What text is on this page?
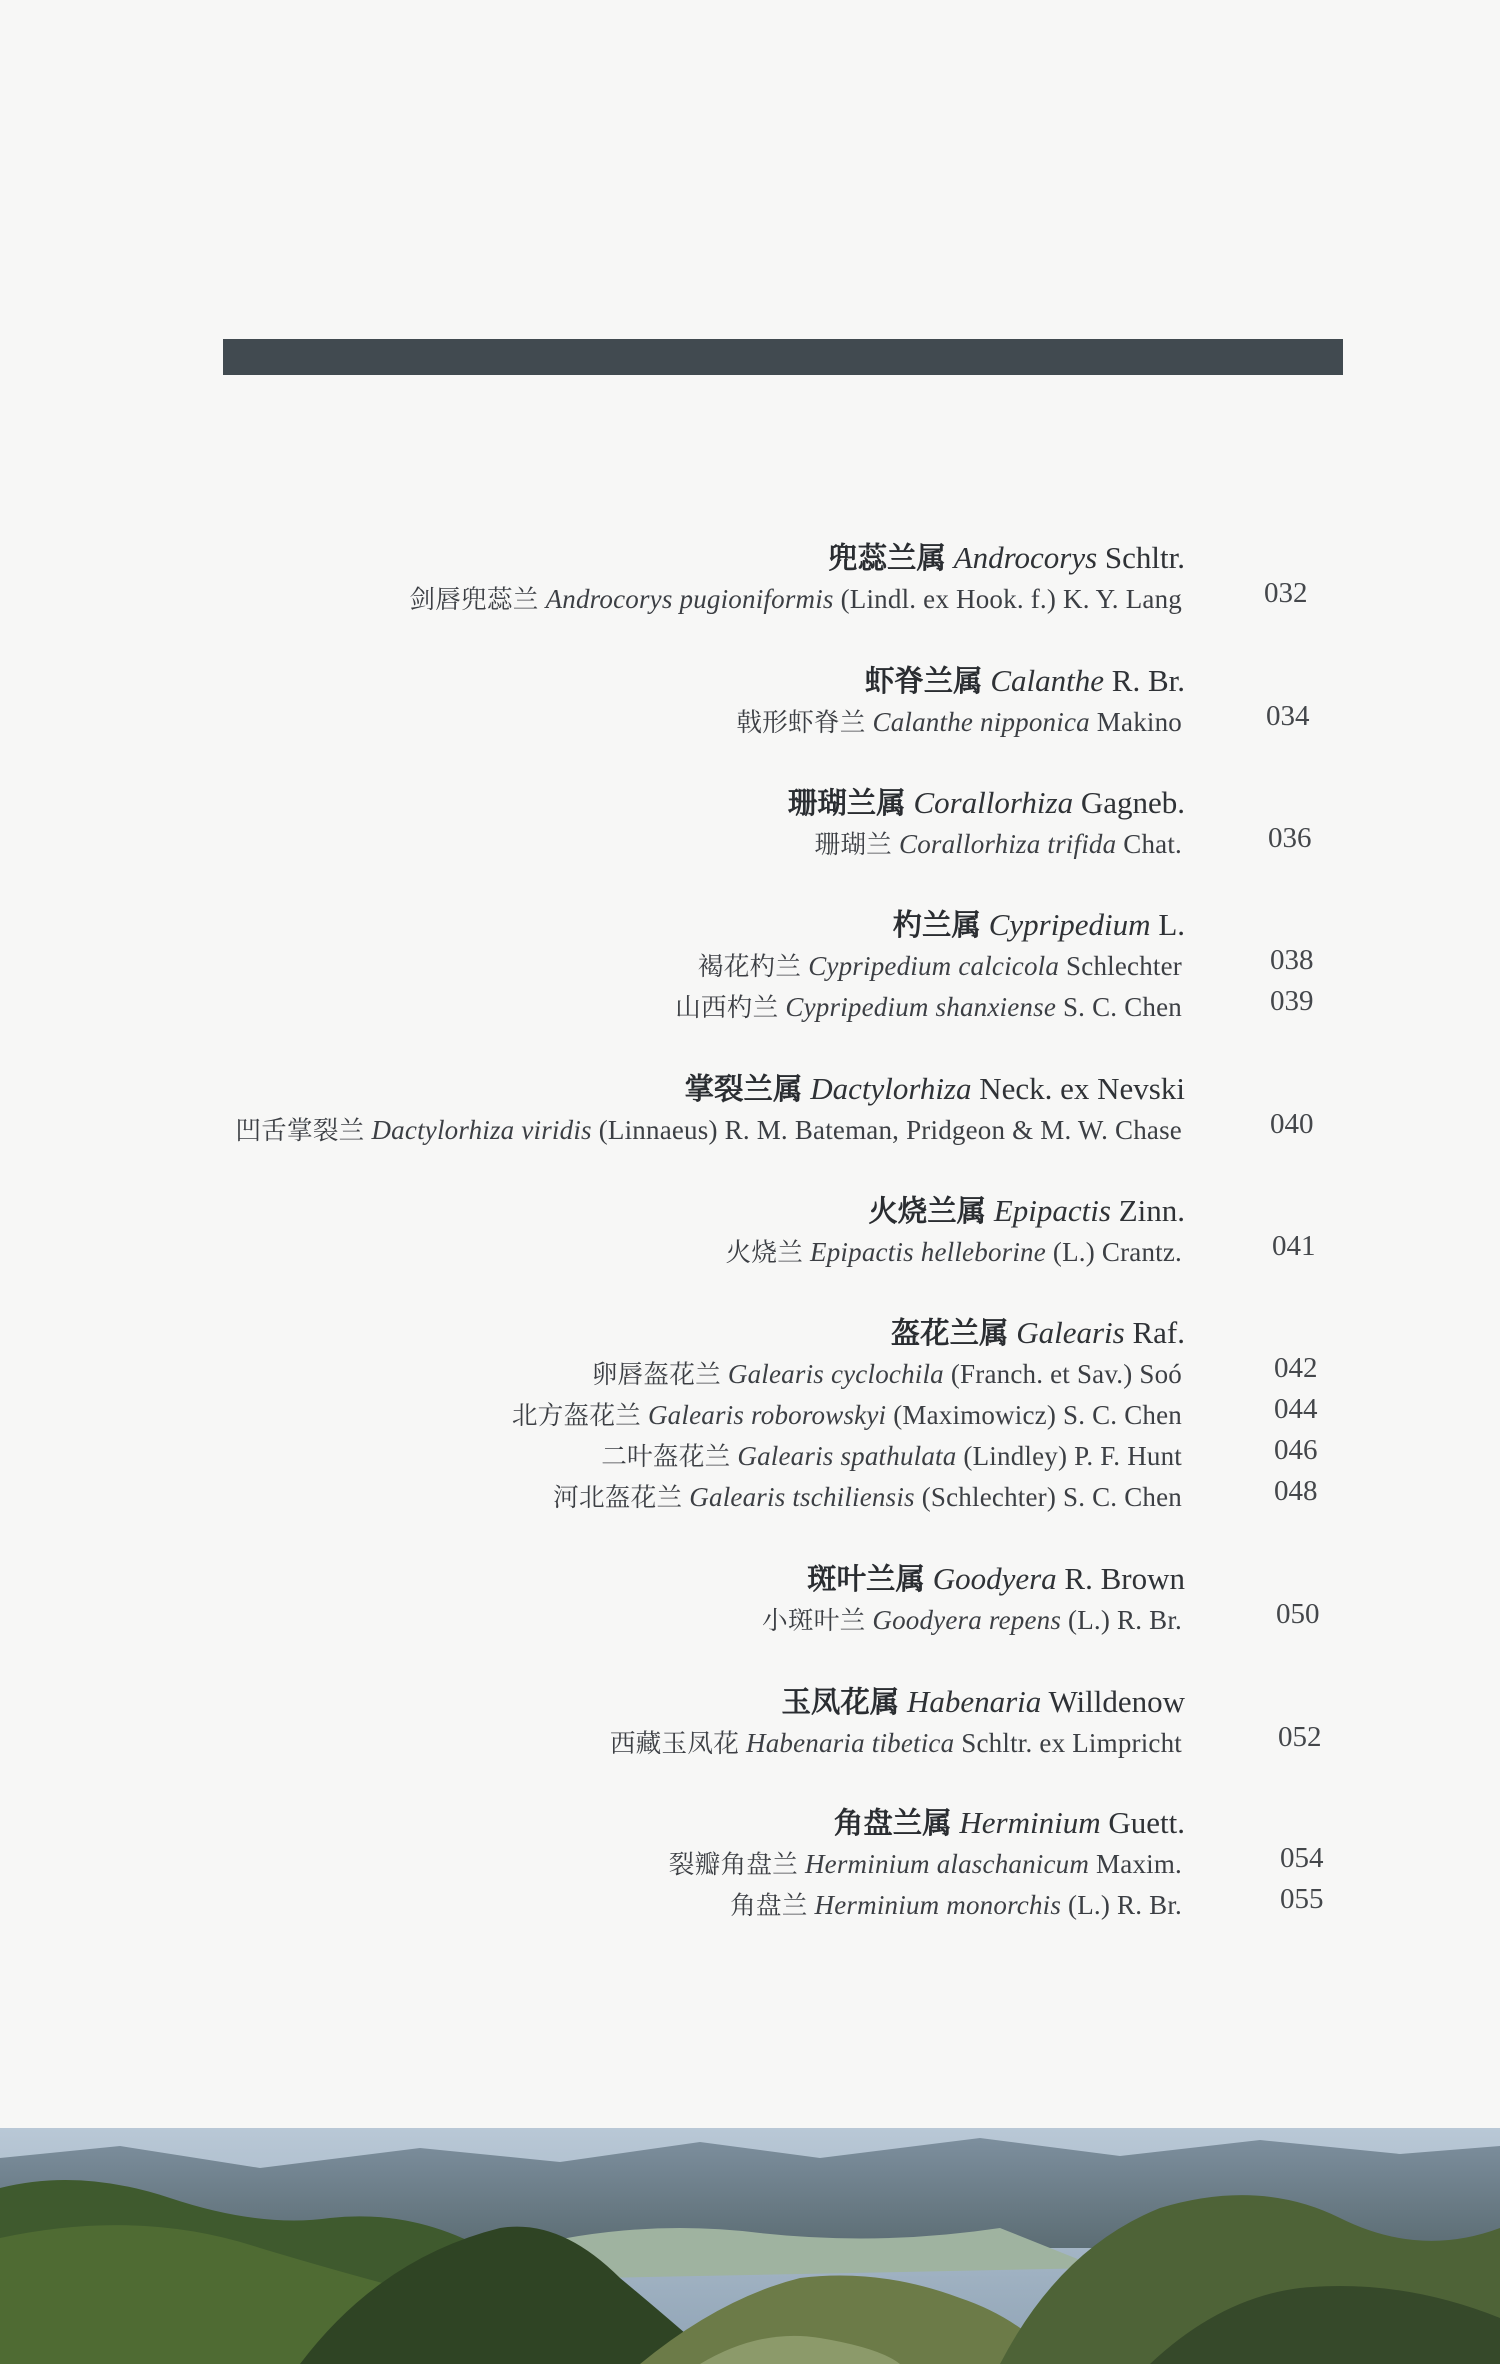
兜蕊兰属 Androcorys Schltr.
剑唇兜蕊兰 Androcorys pugioniformis (Lindl. ex Hook. f.) K. Y. Lang	032
虾脊兰属 Calanthe R. Br.
戟形虾脊兰 Calanthe nipponica Makino	034
珊瑚兰属 Corallorhiza Gagneb.
珊瑚兰 Corallorhiza trifida Chat.	036
杓兰属 Cypripedium L.
褐花杓兰 Cypripedium calcicola Schlechter	038
山西杓兰 Cypripedium shanxiense S. C. Chen	039
掌裂兰属 Dactylorhiza Neck. ex Nevski
凹舌掌裂兰 Dactylorhiza viridis (Linnaeus) R. M. Bateman, Pridgeon & M. W. Chase	040
火烧兰属 Epipactis Zinn.
火烧兰 Epipactis helleborine (L.) Crantz.	041
盔花兰属 Galearis Raf.
卵唇盔花兰 Galearis cyclochila (Franch. et Sav.) Soó	042
北方盔花兰 Galearis roborowskyi (Maximowicz) S. C. Chen	044
二叶盔花兰 Galearis spathulata (Lindley) P. F. Hunt	046
河北盔花兰 Galearis tschiliensis (Schlechter) S. C. Chen	048
斑叶兰属 Goodyera R. Brown
小斑叶兰 Goodyera repens (L.) R. Br.	050
玉凤花属 Habenaria Willdenow
西藏玉凤花 Habenaria tibetica Schltr. ex Limpricht	052
角盘兰属 Herminium Guett.
裂瓣角盘兰 Herminium alaschanicum Maxim.	054
角盘兰 Herminium monorchis (L.) R. Br.	055
